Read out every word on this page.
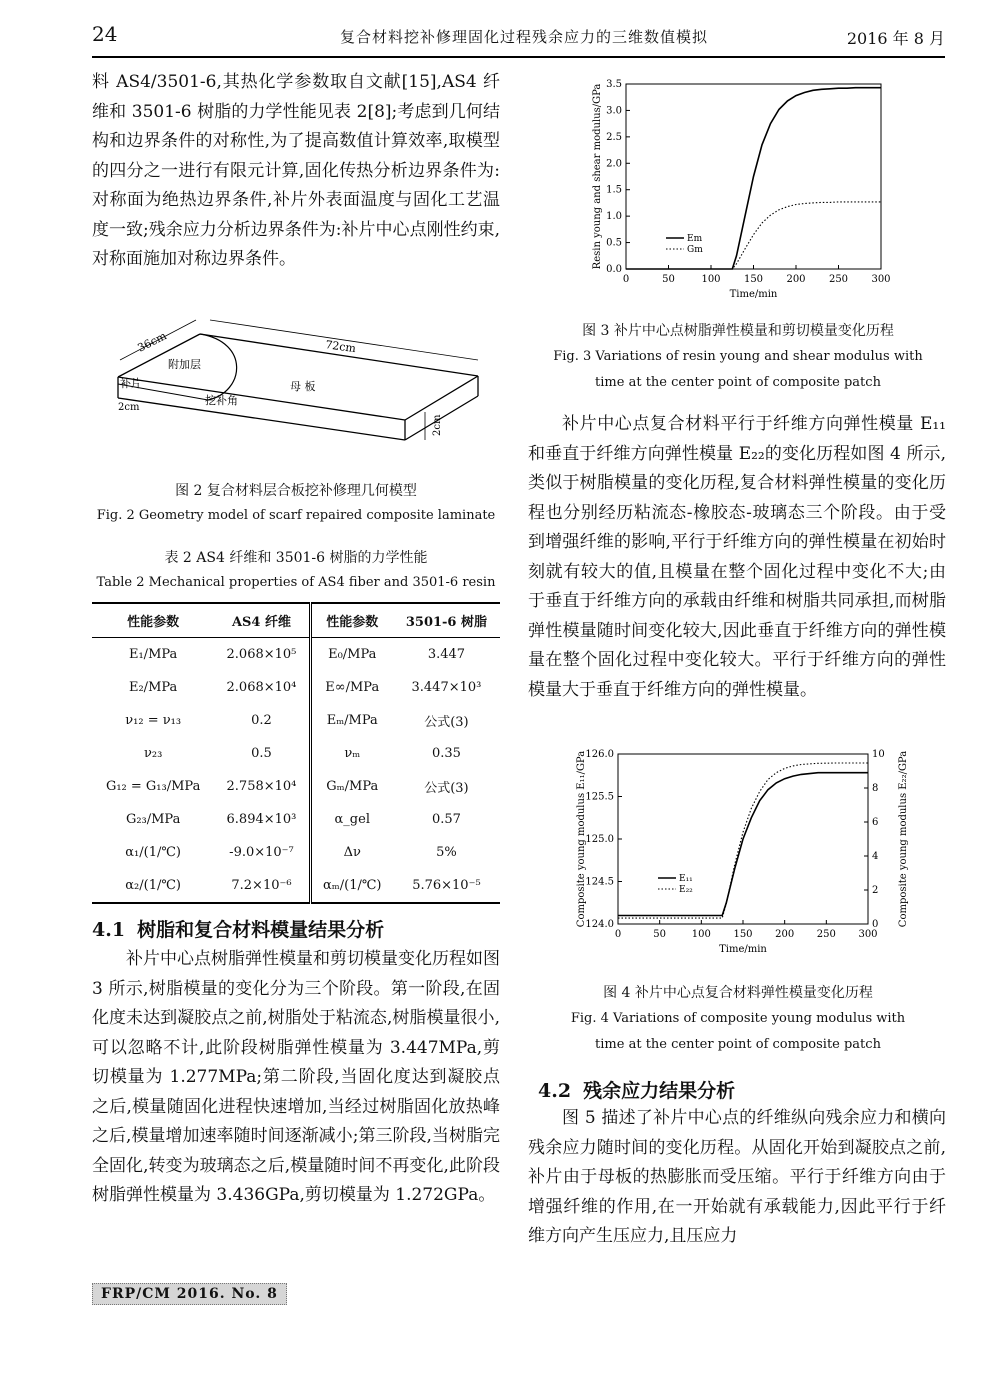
24	复合材料挖补修理固化过程残余应力的三维数值模拟	2016 年 8 月

料 AS4/3501-6,其热化学参数取自文献[15],AS4 纤维和 3501-6 树脂的力学性能见表 2[8];考虑到几何结构和边界条件的对称性,为了提高数值计算效率,取模型的四分之一进行有限元计算,固化传热分析边界条件为:对称面为绝热边界条件,补片外表面温度与固化工艺温度一致;残余应力分析边界条件为:补片中心点刚性约束,对称面施加对称边界条件。

36cm	72cm
附加层
补片	母 板
挖补角
2cm
2cm
图 2 复合材料层合板挖补修理几何模型
Fig. 2 Geometry model of scarf repaired composite laminate
表 2 AS4 纤维和 3501-6 树脂的力学性能
Table 2 Mechanical properties of AS4 fiber and 3501-6 resin
性能参数	AS4 纤维	性能参数	3501-6 树脂
E₁/MPa	2.068×10⁵	E₀/MPa	3.447
E₂/MPa	2.068×10⁴	E∞/MPa	3.447×10³
ν₁₂ = ν₁₃	0.2	Eₘ/MPa	公式(3)
ν₂₃	0.5	νₘ	0.35
G₁₂ = G₁₃/MPa	2.758×10⁴	Gₘ/MPa	公式(3)
G₂₃/MPa	6.894×10³	α_gel	0.57
α₁/(1/℃)	-9.0×10⁻⁷	Δν	5%
α₂/(1/℃)	7.2×10⁻⁶	αₘ/(1/℃)	5.76×10⁻⁵
4.1 树脂和复合材料模量结果分析

补片中心点树脂弹性模量和剪切模量变化历程如图 3 所示,树脂模量的变化分为三个阶段。第一阶段,在固化度未达到凝胶点之前,树脂处于粘流态,树脂模量很小,可以忽略不计,此阶段树脂弹性模量为 3.447MPa,剪切模量为 1.277MPa;第二阶段,当固化度达到凝胶点之后,模量随固化进程快速增加,当经过树脂固化放热峰之后,模量增加速率随时间逐渐减小;第三阶段,当树脂完全固化,转变为玻璃态之后,模量随时间不再变化,此阶段树脂弹性模量为 3.436GPa,剪切模量为 1.272GPa。

0	50	100 150 200 250 300
0.0
0.5
1.0
1.5
2.0
2.5
3.0
3.5
Time/min
Resin young and shear modulus/GPa	Em
Gm
图 3 补片中心点树脂弹性模量和剪切模量变化历程
Fig. 3 Variations of resin young and shear modulus with
time at the center point of composite patch

补片中心点复合材料平行于纤维方向弹性模量 E₁₁和垂直于纤维方向弹性模量 E₂₂的变化历程如图 4 所示,类似于树脂模量的变化历程,复合材料弹性模量的变化历程也分别经历粘流态-橡胶态-玻璃态三个阶段。由于受到增强纤维的影响,平行于纤维方向的弹性模量在初始时刻就有较大的值,且模量在整个固化过程中变化不大;由于垂直于纤维方向的承载由纤维和树脂共同承担,而树脂弹性模量随时间变化较大,因此垂直于纤维方向的弹性模量在整个固化过程中变化较大。平行于纤维方向的弹性模量大于垂直于纤维方向的弹性模量。

0	50	100 150 200 250 300
124.0
124.5
125.0
125.5
126.0
0
2
4
6
8
10
Time/min
Composite young modulus E₁₁/GPa	Composite young modulus E₂₂/GPa
E₁₁
E₂₂
图 4 补片中心点复合材料弹性模量变化历程
Fig. 4 Variations of composite young modulus with
time at the center point of composite patch
4.2 残余应力结果分析

图 5 描述了补片中心点的纤维纵向残余应力和横向残余应力随时间的变化历程。从固化开始到凝胶点之前,补片由于母板的热膨胀而受压缩。平行于纤维方向由于增强纤维的作用,在一开始就有承载能力,因此平行于纤维方向产生压应力,且压应力

FRP/CM 2016. No. 8
